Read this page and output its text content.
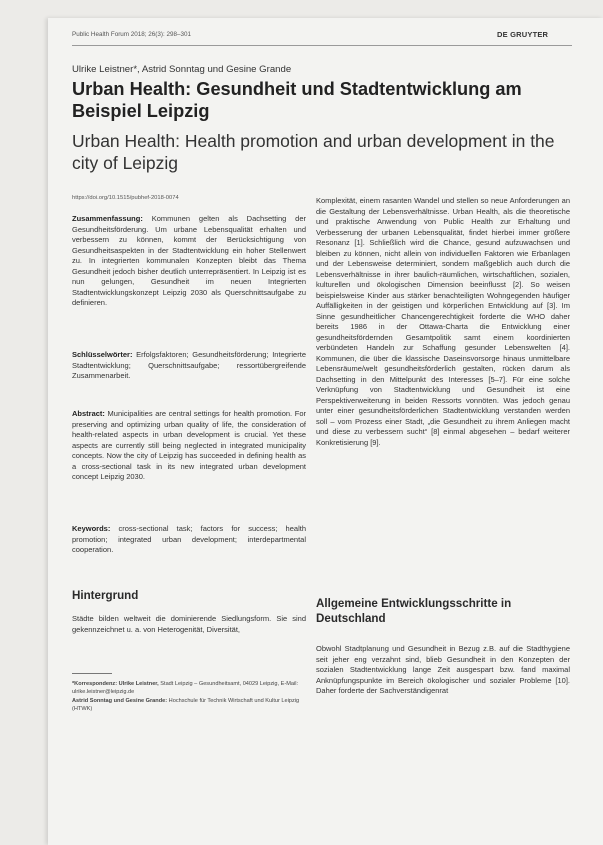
Public Health Forum 2018; 26(3): 298–301	DE GRUYTER
Ulrike Leistner*, Astrid Sonntag und Gesine Grande
Urban Health: Gesundheit und Stadtentwicklung am Beispiel Leipzig
Urban Health: Health promotion and urban development in the city of Leipzig
https://doi.org/10.1515/pubhef-2018-0074

Zusammenfassung: Kommunen gelten als Dachsetting der Gesundheitsförderung. Um urbane Lebensqualität erhalten und verbessern zu können, kommt der Berücksichtigung von Gesundheitsaspekten in der Stadtentwicklung ein hoher Stellenwert zu. In integrierten kommunalen Konzepten bleibt das Thema Gesundheit jedoch bisher deutlich unterrepräsentiert. In Leipzig ist es nun gelungen, Gesundheit im neuen Integrierten Stadtentwicklungskonzept Leipzig 2030 als Querschnittsaufgabe zu definieren.

Schlüsselwörter: Erfolgsfaktoren; Gesundheitsförderung; Integrierte Stadtentwicklung; Querschnittsaufgabe; ressortübergreifende Zusammenarbeit.

Abstract: Municipalities are central settings for health promotion. For preserving and optimizing urban quality of life, the consideration of health-related aspects in urban development is crucial. Yet these aspects are currently still being neglected in integrated municipality concepts. Now the city of Leipzig has succeeded in defining health as a cross-sectional task in its new integrated urban development concept Leipzig 2030.

Keywords: cross-sectional task; factors for success; health promotion; integrated urban development; interdepartmental cooperation.

Hintergrund

Städte bilden weltweit die dominierende Siedlungsform. Sie sind gekennzeichnet u. a. von Heterogenität, Diversität,

*Korrespondenz: Ulrike Leistner, Stadt Leipzig – Gesundheitsamt, 04029 Leipzig, E-Mail: ulrike.leistner@leipzig.de
Astrid Sonntag und Gesine Grande: Hochschule für Technik Wirtschaft und Kultur Leipzig (HTWK)

Komplexität, einem rasanten Wandel und stellen so neue Anforderungen an die Gestaltung der Lebensverhältnisse. Urban Health, als die theoretische und praktische Anwendung von Public Health zur Erhaltung und Verbesserung der urbanen Lebensqualität, findet hierbei immer größere Resonanz [1]. Schließlich wird die Chance, gesund aufzuwachsen und bleiben zu können, nicht allein von individuellen Faktoren wie Erbanlagen und der Lebensweise determiniert, sondern maßgeblich auch durch die Lebensverhältnisse in ihrer baulich-räumlichen, wirtschaftlichen, sozialen, kulturellen und ökologischen Dimension beeinflusst [2]. So weisen beispielsweise Kinder aus stärker benachteiligten Wohngegenden häufiger Auffälligkeiten in der geistigen und körperlichen Entwicklung auf [3]. Im Sinne gesundheitlicher Chancengerechtigkeit forderte die WHO daher bereits 1986 in der Ottawa-Charta die Entwicklung einer gesundheitsfördernden Gesamtpolitik samt einem koordinierten verbündeten Handeln zur Schaffung gesunder Lebenswelten [4]. Kommunen, die über die klassische Daseinsvorsorge hinaus unmittelbare Lebensräume/welt gesundheitsförderlich gestalten, rücken darum als Dachsetting in den Mittelpunkt des Interesses [5–7]. Für eine solche Verknüpfung von Stadtentwicklung und Gesundheit ist eine Perspektiverweiterung in beiden Ressorts vonnöten. Was jedoch genau unter einer gesundheitsförderlichen Stadtentwicklung verstanden werden soll – vom Prozess einer Stadt, „die Gesundheit zu ihrem Anliegen macht und diese zu verbessern sucht“ [8] einmal abgesehen – bedarf weiterer Konkretisierung [9].

Allgemeine Entwicklungsschritte in Deutschland

Obwohl Stadtplanung und Gesundheit in Bezug z.B. auf die Stadthygiene seit jeher eng verzahnt sind, blieb Gesundheit in den Konzepten der sozialen Stadtentwicklung lange Zeit ausgespart bzw. fand maximal Anknüpfungspunkte im Bereich ökologischer und sozialer Probleme [10]. Daher forderte der Sachverständigenrat
